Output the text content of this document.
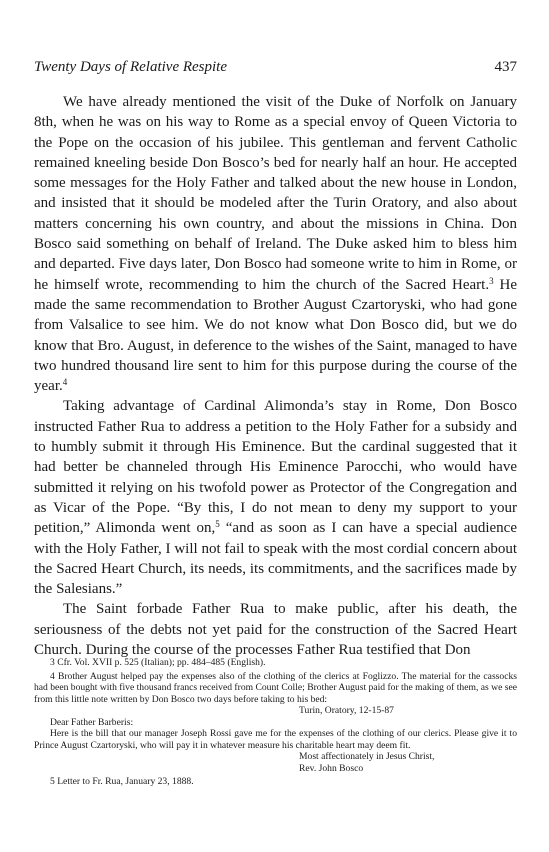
Twenty Days of Relative Respite	437

We have already mentioned the visit of the Duke of Norfolk on January 8th, when he was on his way to Rome as a special envoy of Queen Victoria to the Pope on the occasion of his jubilee. This gentleman and fervent Catholic remained kneeling beside Don Bosco’s bed for nearly half an hour. He accepted some messages for the Holy Father and talked about the new house in London, and insisted that it should be modeled after the Turin Oratory, and also about matters concerning his own country, and about the missions in China. Don Bosco said something on behalf of Ireland. The Duke asked him to bless him and departed. Five days later, Don Bosco had someone write to him in Rome, or he himself wrote, recommending to him the church of the Sacred Heart.$^3$ He made the same recommendation to Brother August Czartoryski, who had gone from Valsalice to see him. We do not know what Don Bosco did, but we do know that Bro. August, in deference to the wishes of the Saint, managed to have two hundred thousand lire sent to him for this purpose during the course of the year.$^4$

Taking advantage of Cardinal Alimonda’s stay in Rome, Don Bosco instructed Father Rua to address a petition to the Holy Father for a subsidy and to humbly submit it through His Eminence. But the cardinal suggested that it had better be channeled through His Eminence Parocchi, who would have submitted it relying on his twofold power as Protector of the Congregation and as Vicar of the Pope. “By this, I do not mean to deny my support to your petition,” Alimonda went on,$^5$ “and as soon as I can have a special audience with the Holy Father, I will not fail to speak with the most cordial concern about the Sacred Heart Church, its needs, its commitments, and the sacrifices made by the Salesians.”

The Saint forbade Father Rua to make public, after his death, the seriousness of the debts not yet paid for the construction of the Sacred Heart Church. During the course of the processes Father Rua testified that Don

3 Cfr. Vol. XVII p. 525 (Italian); pp. 484–485 (English).

4 Brother August helped pay the expenses also of the clothing of the clerics at Foglizzo. The material for the cassocks had been bought with five thousand francs received from Count Colle; Brother August paid for the making of them, as we see from this little note written by Don Bosco two days before taking to his bed:

Turin, Oratory, 12-15-87

Dear Father Barberis:

Here is the bill that our manager Joseph Rossi gave me for the expenses of the clothing of our clerics. Please give it to Prince August Czartoryski, who will pay it in whatever measure his charitable heart may deem fit.

Most affectionately in Jesus Christ,

Rev. John Bosco

5 Letter to Fr. Rua, January 23, 1888.
